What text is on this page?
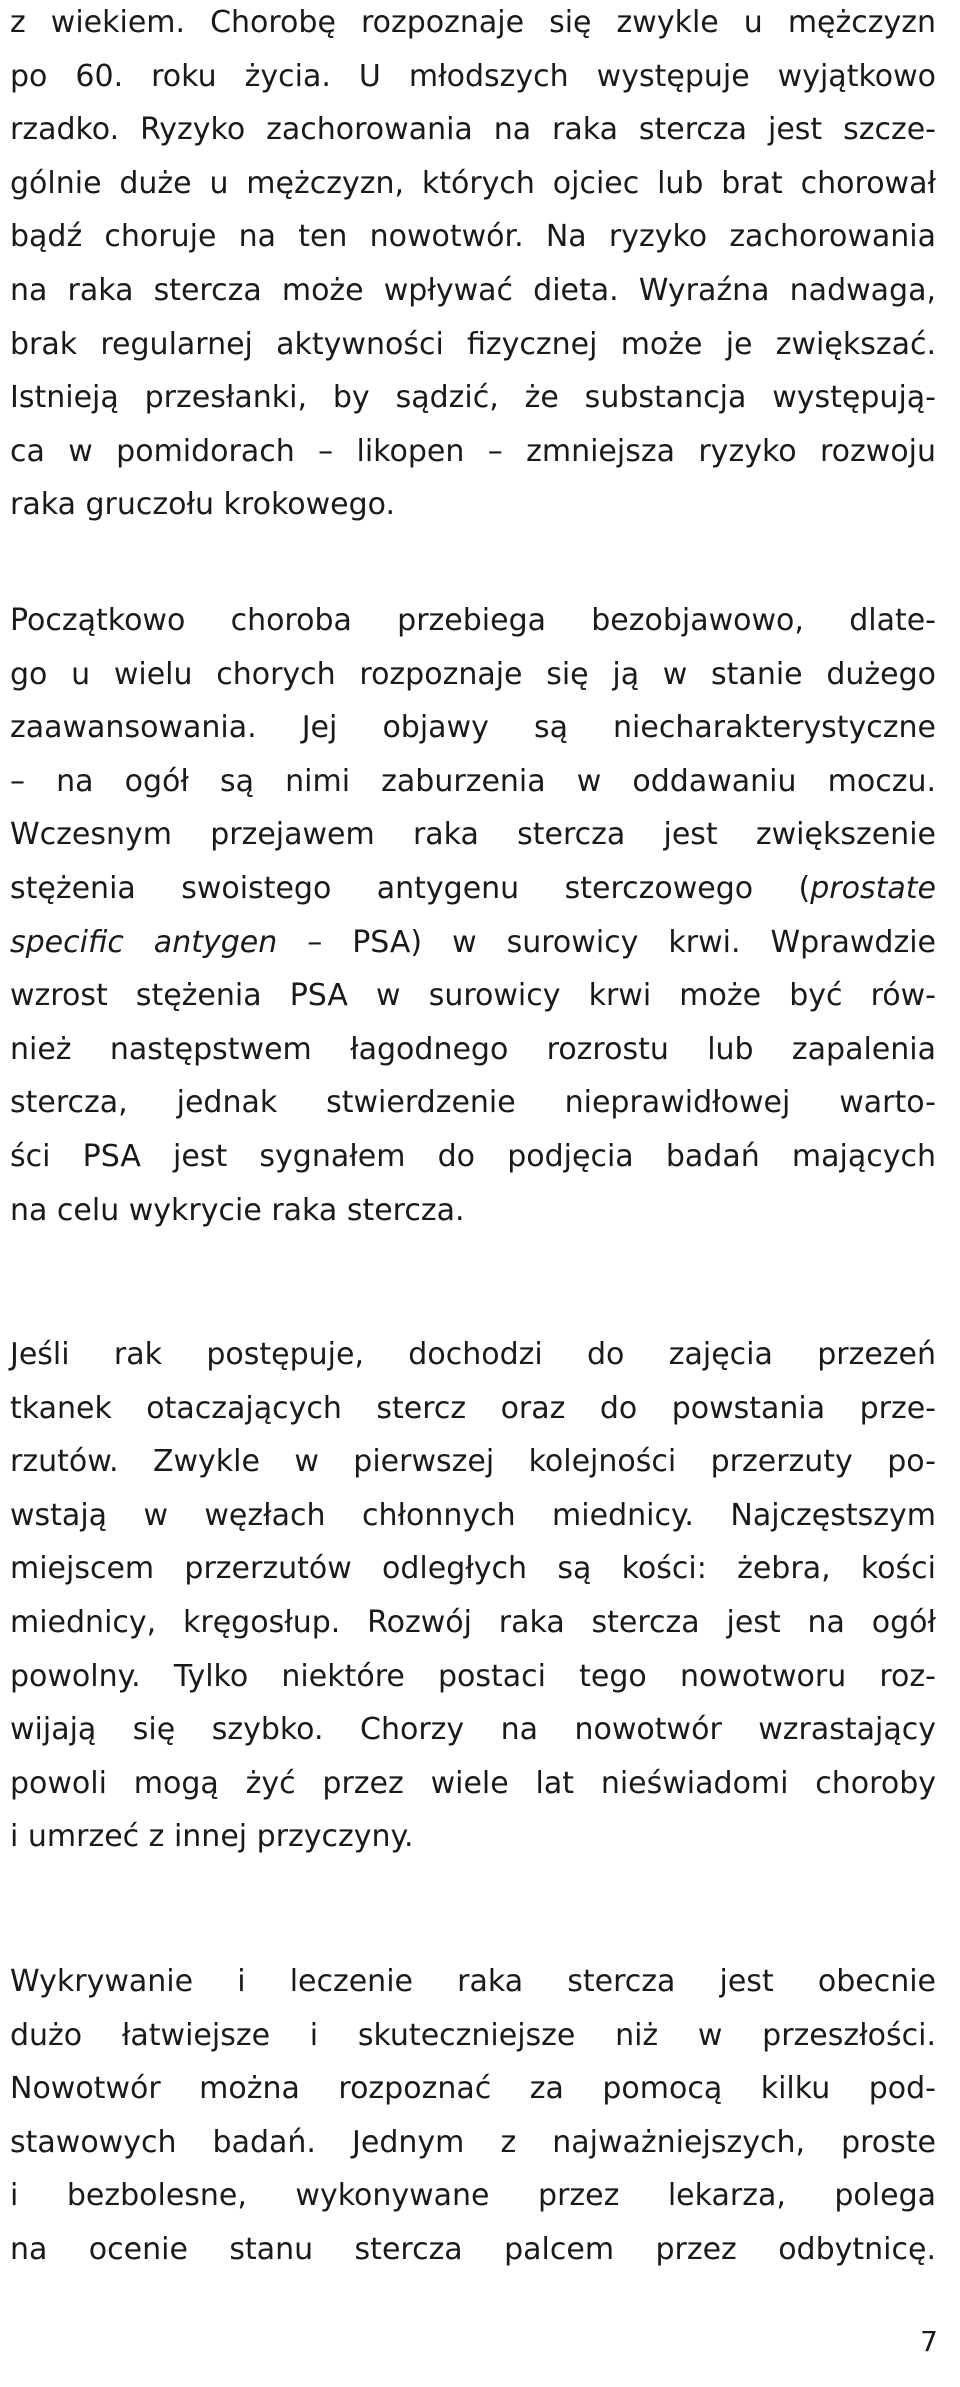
z wiekiem. Chorobę rozpoznaje się zwykle u mężczyzn
po 60. roku życia. U młodszych występuje wyjątkowo
rzadko. Ryzyko zachorowania na raka stercza jest szcze-
gólnie duże u mężczyzn, których ojciec lub brat chorował
bądź choruje na ten nowotwór. Na ryzyko zachorowania
na raka stercza może wpływać dieta. Wyraźna nadwaga,
brak regularnej aktywności fizycznej może je zwiększać.
Istnieją przesłanki, by sądzić, że substancja występują-
ca w pomidorach – likopen – zmniejsza ryzyko rozwoju
raka gruczołu krokowego.

Początkowo choroba przebiega bezobjawowo, dlate-
go u wielu chorych rozpoznaje się ją w stanie dużego
zaawansowania. Jej objawy są niecharakterystyczne
– na ogół są nimi zaburzenia w oddawaniu moczu.
Wczesnym przejawem raka stercza jest zwiększenie
stężenia swoistego antygenu sterczowego (prostate
specific antygen – PSA) w surowicy krwi. Wprawdzie
wzrost stężenia PSA w surowicy krwi może być rów-
nież następstwem łagodnego rozrostu lub zapalenia
stercza, jednak stwierdzenie nieprawidłowej warto-
ści PSA jest sygnałem do podjęcia badań mających
na celu wykrycie raka stercza.

Jeśli rak postępuje, dochodzi do zajęcia przezeń
tkanek otaczających stercz oraz do powstania prze-
rzutów. Zwykle w pierwszej kolejności przerzuty po-
wstają w węzłach chłonnych miednicy. Najczęstszym
miejscem przerzutów odległych są kości: żebra, kości
miednicy, kręgosłup. Rozwój raka stercza jest na ogół
powolny. Tylko niektóre postaci tego nowotworu roz-
wijają się szybko. Chorzy na nowotwór wzrastający
powoli mogą żyć przez wiele lat nieświadomi choroby
i umrzeć z innej przyczyny.

Wykrywanie i leczenie raka stercza jest obecnie
dużo łatwiejsze i skuteczniejsze niż w przeszłości.
Nowotwór można rozpoznać za pomocą kilku pod-
stawowych badań. Jednym z najważniejszych, proste
i bezbolesne, wykonywane przez lekarza, polega
na ocenie stanu stercza palcem przez odbytnicę.

7
